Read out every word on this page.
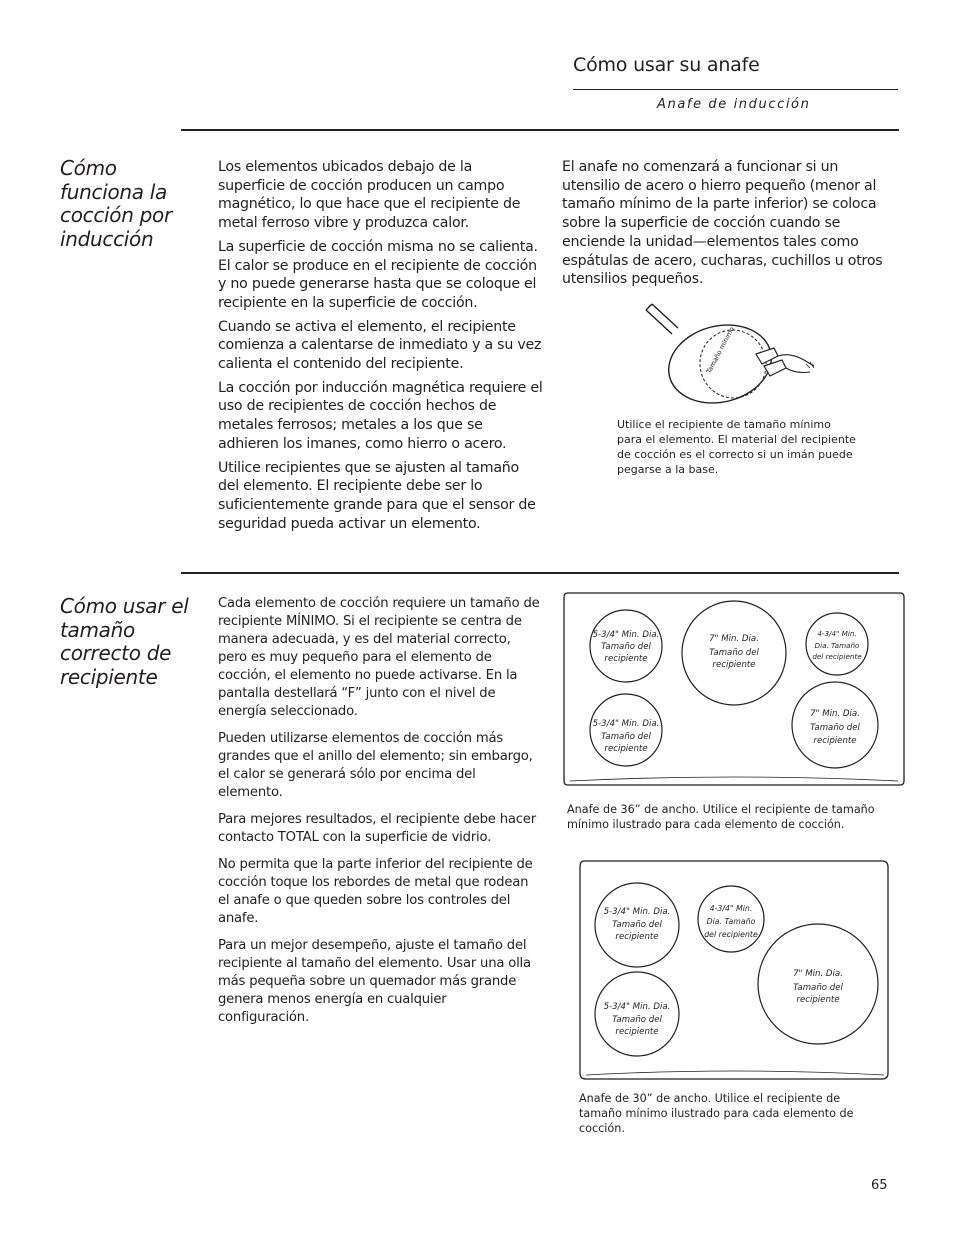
Cómo usar su anafe
Anafe de inducción
Cómo funciona la cocción por inducción

Los elementos ubicados debajo de la superficie de cocción producen un campo magnético, lo que hace que el recipiente de metal ferroso vibre y produzca calor.

La superficie de cocción misma no se calienta. El calor se produce en el recipiente de cocción y no puede generarse hasta que se coloque el recipiente en la superficie de cocción.

Cuando se activa el elemento, el recipiente comienza a calentarse de inmediato y a su vez calienta el contenido del recipiente.

La cocción por inducción magnética requiere el uso de recipientes de cocción hechos de metales ferrosos; metales a los que se adhieren los imanes, como hierro o acero.

Utilice recipientes que se ajusten al tamaño del elemento. El recipiente debe ser lo suficientemente grande para que el sensor de seguridad pueda activar un elemento.

El anafe no comenzará a funcionar si un utensilio de acero o hierro pequeño (menor al tamaño mínimo de la parte inferior) se coloca sobre la superficie de cocción cuando se enciende la unidad—elementos tales como espátulas de acero, cucharas, cuchillos u otros utensilios pequeños.

Tamaño mínimo
Utilice el recipiente de tamaño mínimo para el elemento. El material del recipiente de cocción es el correcto si un imán puede pegarse a la base.
Cómo usar el tamaño correcto de recipiente

Cada elemento de cocción requiere un tamaño de recipiente MÍNIMO. Si el recipiente se centra de manera adecuada, y es del material correcto, pero es muy pequeño para el elemento de cocción, el elemento no puede activarse. En la pantalla destellará “F” junto con el nivel de energía seleccionado.

Pueden utilizarse elementos de cocción más grandes que el anillo del elemento; sin embargo, el calor se generará sólo por encima del elemento.

Para mejores resultados, el recipiente debe hacer contacto TOTAL con la superficie de vidrio.

No permita que la parte inferior del recipiente de cocción toque los rebordes de metal que rodean el anafe o que queden sobre los controles del anafe.

Para un mejor desempeño, ajuste el tamaño del recipiente al tamaño del elemento. Usar una olla más pequeña sobre un quemador más grande genera menos energía en cualquier configuración.

5-3/4" Min. Dia.
Tamaño del
recipiente
5-3/4" Min. Dia.
Tamaño del
recipiente
7" Min. Dia.
Tamaño del
recipiente
7" Min. Dia.
Tamaño del
recipiente
4-3/4" Min.
Dia. Tamaño
del recipiente
Anafe de 36” de ancho. Utilice el recipiente de tamaño mínimo ilustrado para cada elemento de cocción.
5-3/4" Min. Dia.
Tamaño del
recipiente
5-3/4" Min. Dia.
Tamaño del
recipiente
7" Min. Dia.
Tamaño del
recipiente
4-3/4" Min.
Dia. Tamaño
del recipiente
Anafe de 30” de ancho. Utilice el recipiente de tamaño mínimo ilustrado para cada elemento de cocción.
65
